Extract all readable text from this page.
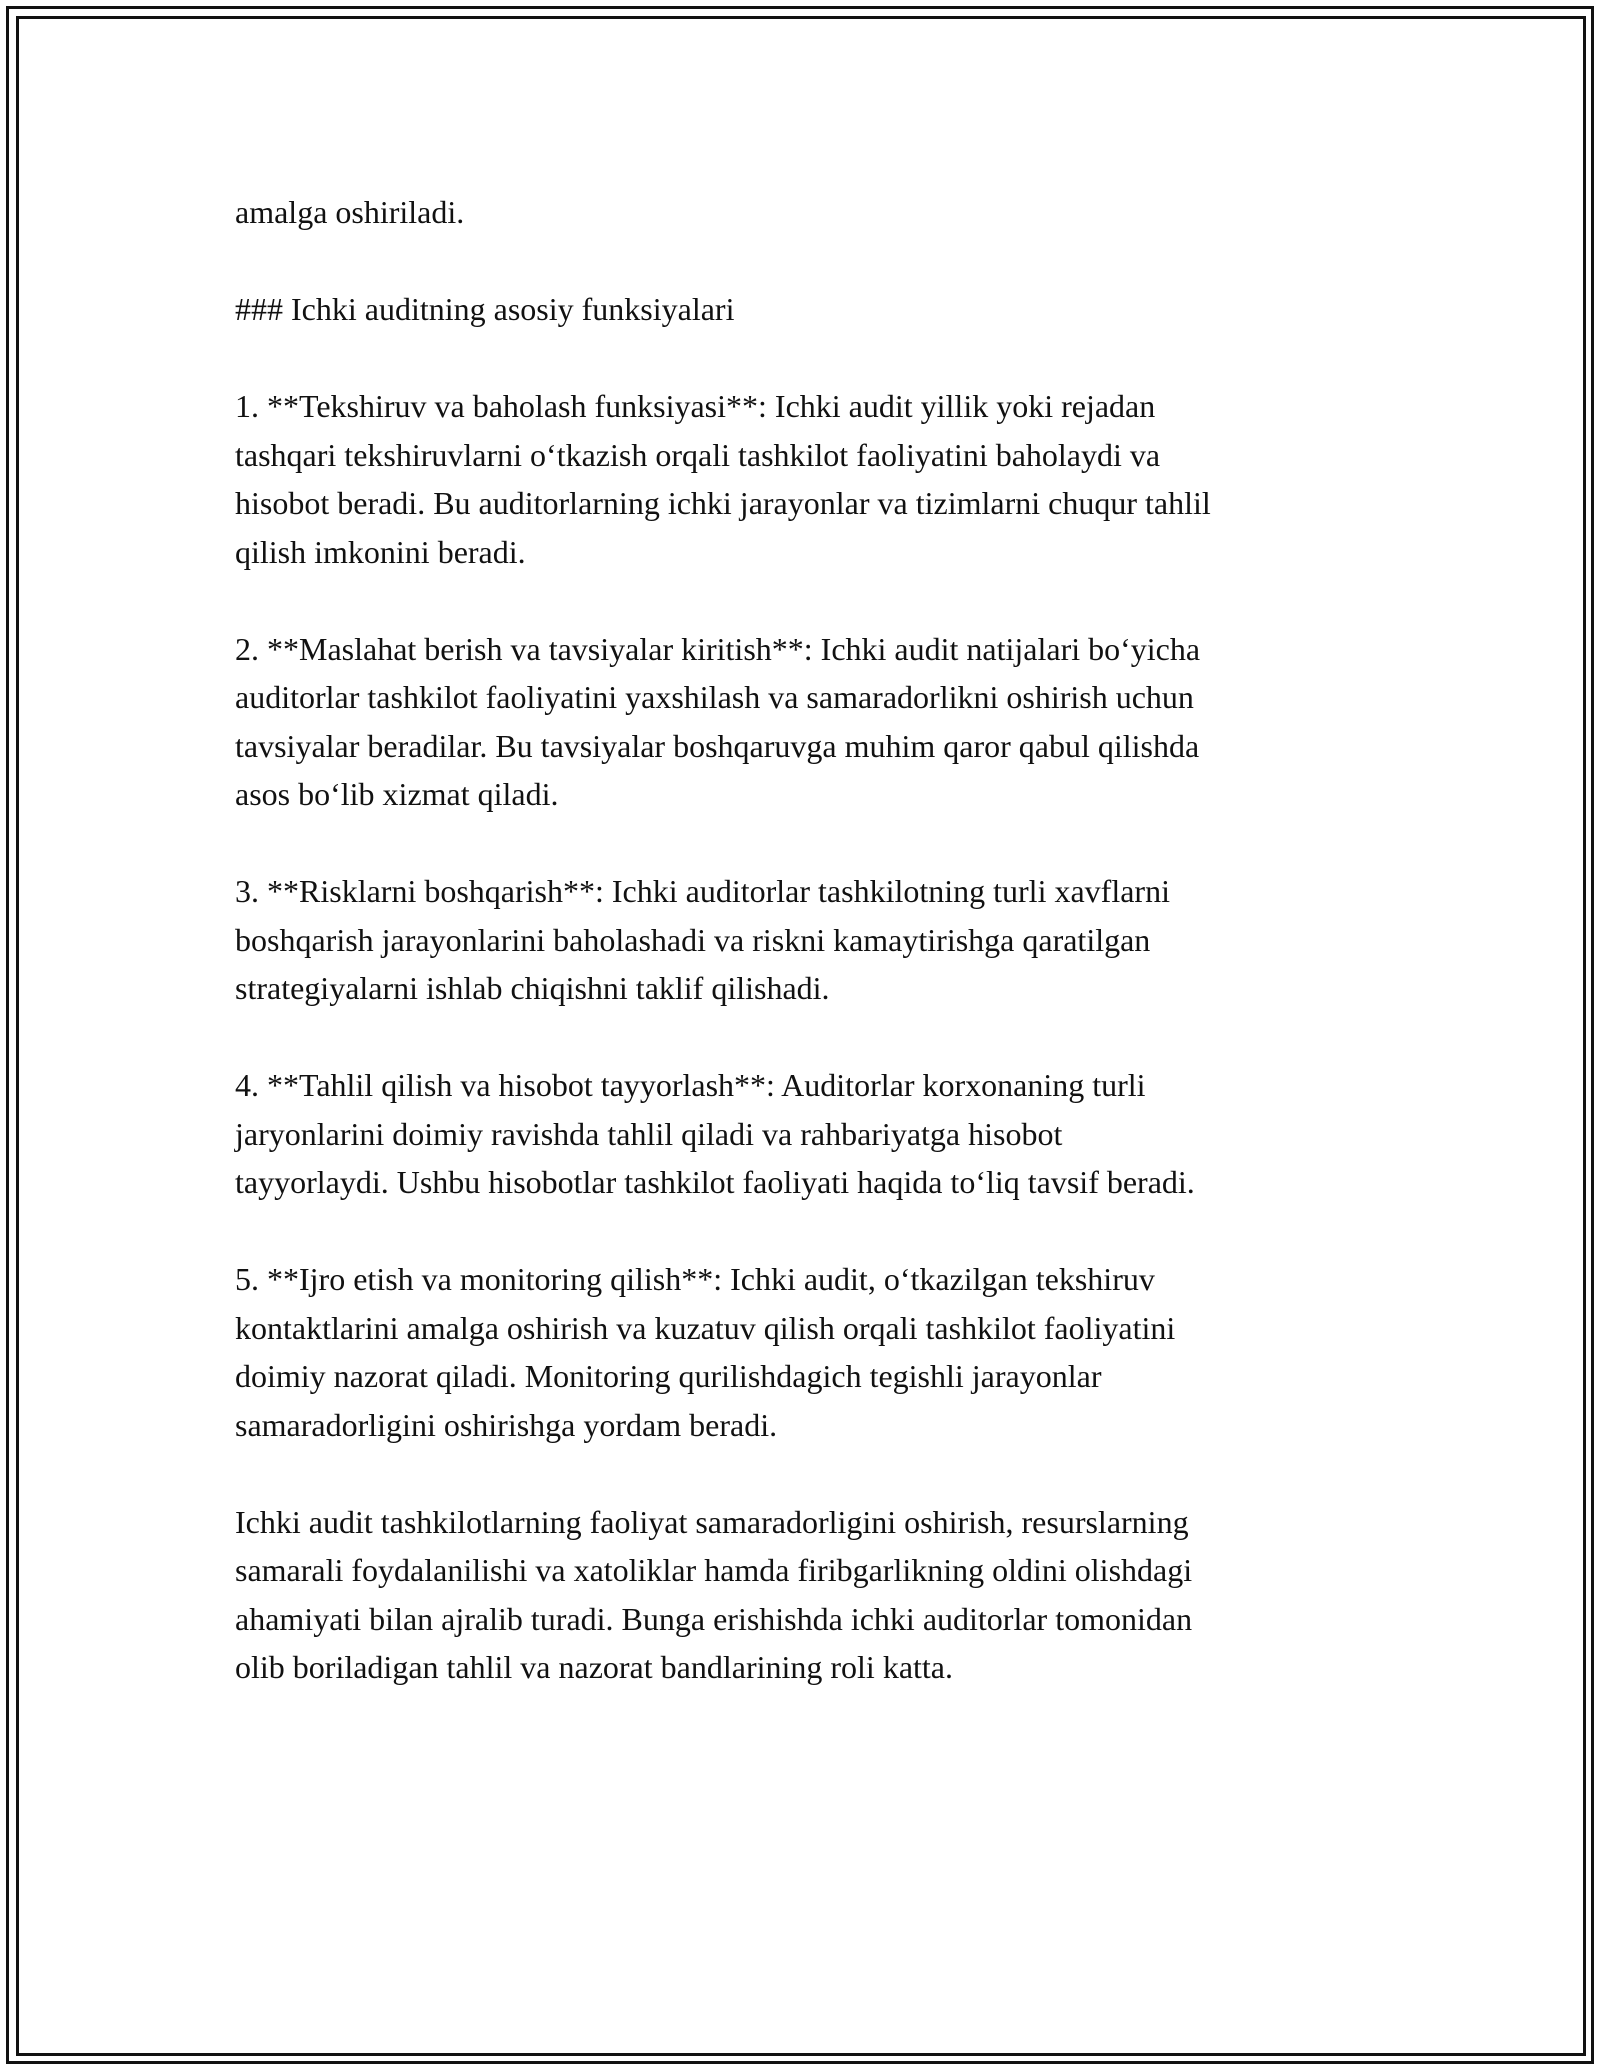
amalga oshiriladi.

### Ichki auditning asosiy funksiyalari

1. **Tekshiruv va baholash funksiyasi**: Ichki audit yillik yoki rejadan
tashqari tekshiruvlarni o‘tkazish orqali tashkilot faoliyatini baholaydi va
hisobot beradi. Bu auditorlarning ichki jarayonlar va tizimlarni chuqur tahlil
qilish imkonini beradi.

2. **Maslahat berish va tavsiyalar kiritish**: Ichki audit natijalari bo‘yicha
auditorlar tashkilot faoliyatini yaxshilash va samaradorlikni oshirish uchun
tavsiyalar beradilar. Bu tavsiyalar boshqaruvga muhim qaror qabul qilishda
asos bo‘lib xizmat qiladi.

3. **Risklarni boshqarish**: Ichki auditorlar tashkilotning turli xavflarni
boshqarish jarayonlarini baholashadi va riskni kamaytirishga qaratilgan
strategiyalarni ishlab chiqishni taklif qilishadi.

4. **Tahlil qilish va hisobot tayyorlash**: Auditorlar korxonaning turli
jaryonlarini doimiy ravishda tahlil qiladi va rahbariyatga hisobot
tayyorlaydi. Ushbu hisobotlar tashkilot faoliyati haqida to‘liq tavsif beradi.

5. **Ijro etish va monitoring qilish**: Ichki audit, o‘tkazilgan tekshiruv
kontaktlarini amalga oshirish va kuzatuv qilish orqali tashkilot faoliyatini
doimiy nazorat qiladi. Monitoring qurilishdagich tegishli jarayonlar
samaradorligini oshirishga yordam beradi.

Ichki audit tashkilotlarning faoliyat samaradorligini oshirish, resurslarning
samarali foydalanilishi va xatoliklar hamda firibgarlikning oldini olishdagi
ahamiyati bilan ajralib turadi. Bunga erishishda ichki auditorlar tomonidan
olib boriladigan tahlil va nazorat bandlarining roli katta.
